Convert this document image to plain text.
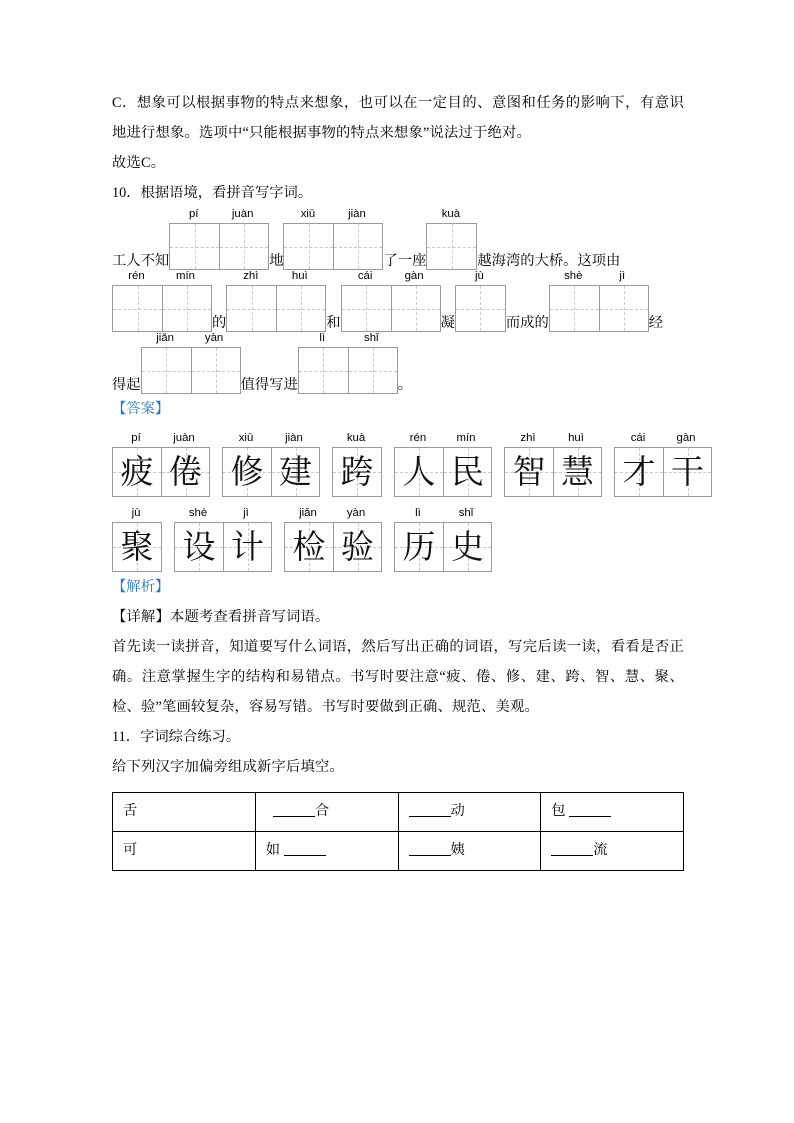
C．想象可以根据事物的特点来想象，也可以在一定目的、意图和任务的影响下，有意识地进行想象。选项中“只能根据事物的特点来想象”说法过于绝对。

故选C。

10．根据语境，看拼音写字词。

工人不知
pí	juàn
地
xiū	jiàn
了一座
kuà
越海湾的大桥。这项由
rén	mín
的
zhì	huì
和
cái	gàn
凝
jù
而成的
shè	jì
经
得起
jiǎn	yàn
值得写进
lì	shǐ
。

【答案】

pí	juàn
疲 倦
xiū	jiàn
修 建
kuà
跨
rén	mín
人 民
zhì	huì
智 慧
cái	gàn
才 干
jù
聚
shè	jì
设 计
jiǎn	yàn
检 验
lì	shǐ
历 史

【解析】

【详解】本题考查看拼音写词语。

首先读一读拼音，知道要写什么词语，然后写出正确的词语，写完后读一读，看看是否正确。注意掌握生字的结构和易错点。书写时要注意“疲、倦、修、建、跨、智、慧、聚、检、验”笔画较复杂，容易写错。书写时要做到正确、规范、美观。

11．字词综合练习。

给下列汉字加偏旁组成新字后填空。

舌	合	动	包
可	如	姨	流
